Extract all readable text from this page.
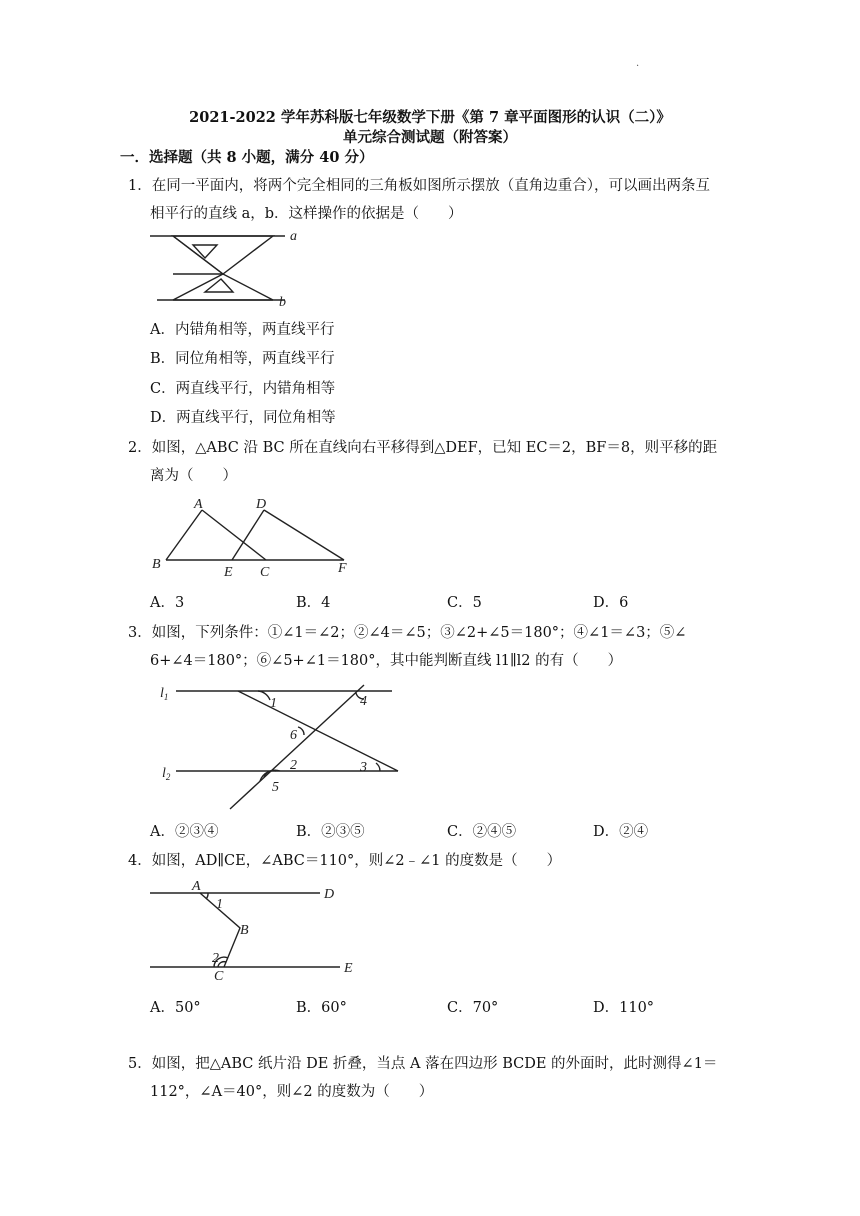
.
2021-2022 学年苏科版七年级数学下册《第 7 章平面图形的认识（二）》
单元综合测试题（附答案）
一．选择题（共 8 小题，满分 40 分）
1．在同一平面内，将两个完全相同的三角板如图所示摆放（直角边重合），可以画出两条互
相平行的直线 a，b．这样操作的依据是（　　）
a
b
A．内错角相等，两直线平行
B．同位角相等，两直线平行
C．两直线平行，内错角相等
D．两直线平行，同位角相等
2．如图，△ABC 沿 BC 所在直线向右平移得到△DEF，已知 EC＝2，BF＝8，则平移的距
离为（　　）
A	D
B
E C	F
A．3	B．4	C．5	D．6
3．如图，下列条件：①∠1＝∠2；②∠4＝∠5；③∠2+∠5＝180°；④∠1＝∠3；⑤∠
6+∠4＝180°；⑥∠5+∠1＝180°，其中能判断直线 l1∥l2 的有（　　）
$l_1$
$l_2$
1	4
6
2	3
5
A．②③④	B．②③⑤	C．②④⑤	D．②④
4．如图，AD∥CE，∠ABC＝110°，则∠2﹣∠1 的度数是（　　）
A
D
1
B
2
C
E
A．50°	B．60°	C．70°	D．110°
5．如图，把△ABC 纸片沿 DE 折叠，当点 A 落在四边形 BCDE 的外面时，此时测得∠1＝
112°，∠A＝40°，则∠2 的度数为（　　）
